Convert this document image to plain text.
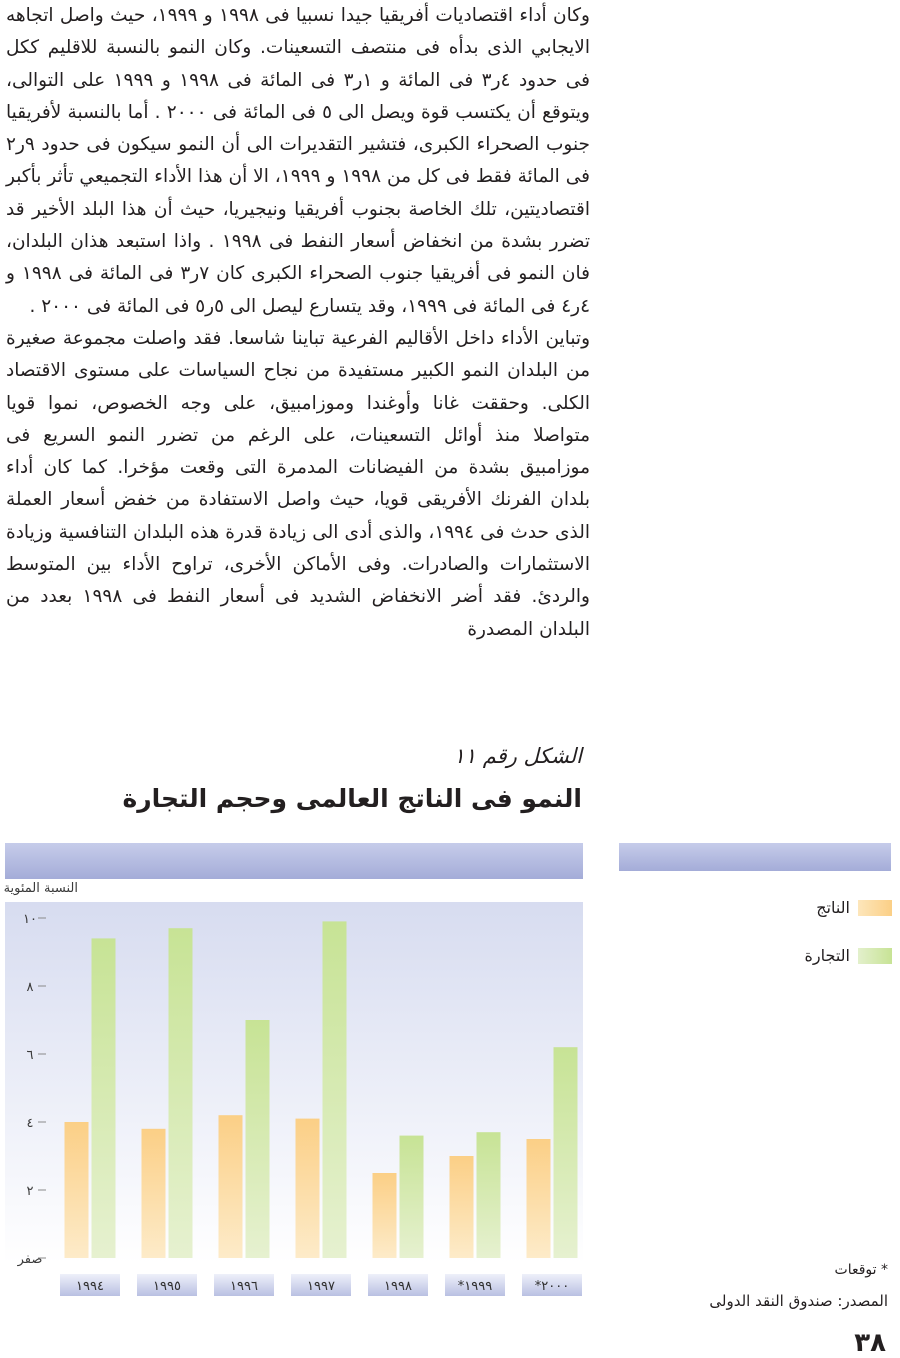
وكان أداء اقتصاديات أفريقيا جيدا نسبيا فى ١٩٩٨ و ١٩٩٩، حيث واصل اتجاهه الايجابي الذى بدأه فى منتصف التسعينات. وكان النمو بالنسبة للاقليم ككل فى حدود ٤ر٣ فى المائة و ١ر٣ فى المائة فى ١٩٩٨ و ١٩٩٩ على التوالى، ويتوقع أن يكتسب قوة ويصل الى ٥ فى المائة فى ٢٠٠٠ . أما بالنسبة لأفريقيا جنوب الصحراء الكبرى، فتشير التقديرات الى أن النمو سيكون فى حدود ٩ر٢ فى المائة فقط فى كل من ١٩٩٨ و ١٩٩٩، الا أن هذا الأداء التجميعي تأثر بأكبر اقتصاديتين، تلك الخاصة بجنوب أفريقيا ونيجيريا، حيث أن هذا البلد الأخير قد تضرر بشدة من انخفاض أسعار النفط فى ١٩٩٨ . واذا استبعد هذان البلدان، فان النمو فى أفريقيا جنوب الصحراء الكبرى كان ٧ر٣ فى المائة فى ١٩٩٨ و ٤ر٤ فى المائة فى ١٩٩٩، وقد يتسارع ليصل الى ٥ر٥ فى المائة فى ٢٠٠٠ .

وتباين الأداء داخل الأقاليم الفرعية تباينا شاسعا. فقد واصلت مجموعة صغيرة من البلدان النمو الكبير مستفيدة من نجاح السياسات على مستوى الاقتصاد الكلى. وحققت غانا وأوغندا وموزامبيق، على وجه الخصوص، نموا قويا متواصلا منذ أوائل التسعينات، على الرغم من تضرر النمو السريع فى موزامبيق بشدة من الفيضانات المدمرة التى وقعت مؤخرا. كما كان أداء بلدان الفرنك الأفريقى قويا، حيث واصل الاستفادة من خفض أسعار العملة الذى حدث فى ١٩٩٤، والذى أدى الى زيادة قدرة هذه البلدان التنافسية وزيادة الاستثمارات والصادرات. وفى الأماكن الأخرى، تراوح الأداء بين المتوسط والردئ. فقد أضر الانخفاض الشديد فى أسعار النفط فى ١٩٩٨ بعدد من البلدان المصدرة

الشكل رقم ١١
النمو فى الناتج العالمى وحجم التجارة
النسبة المئوية
صفر
٢
٤
٦
٨
١٠
١٩٩٤	١٩٩٥	١٩٩٦	١٩٩٧	١٩٩٨	*١٩٩٩	*٢٠٠٠
الناتج
التجارة
* توقعات
المصدر: صندوق النقد الدولى
٣٨
